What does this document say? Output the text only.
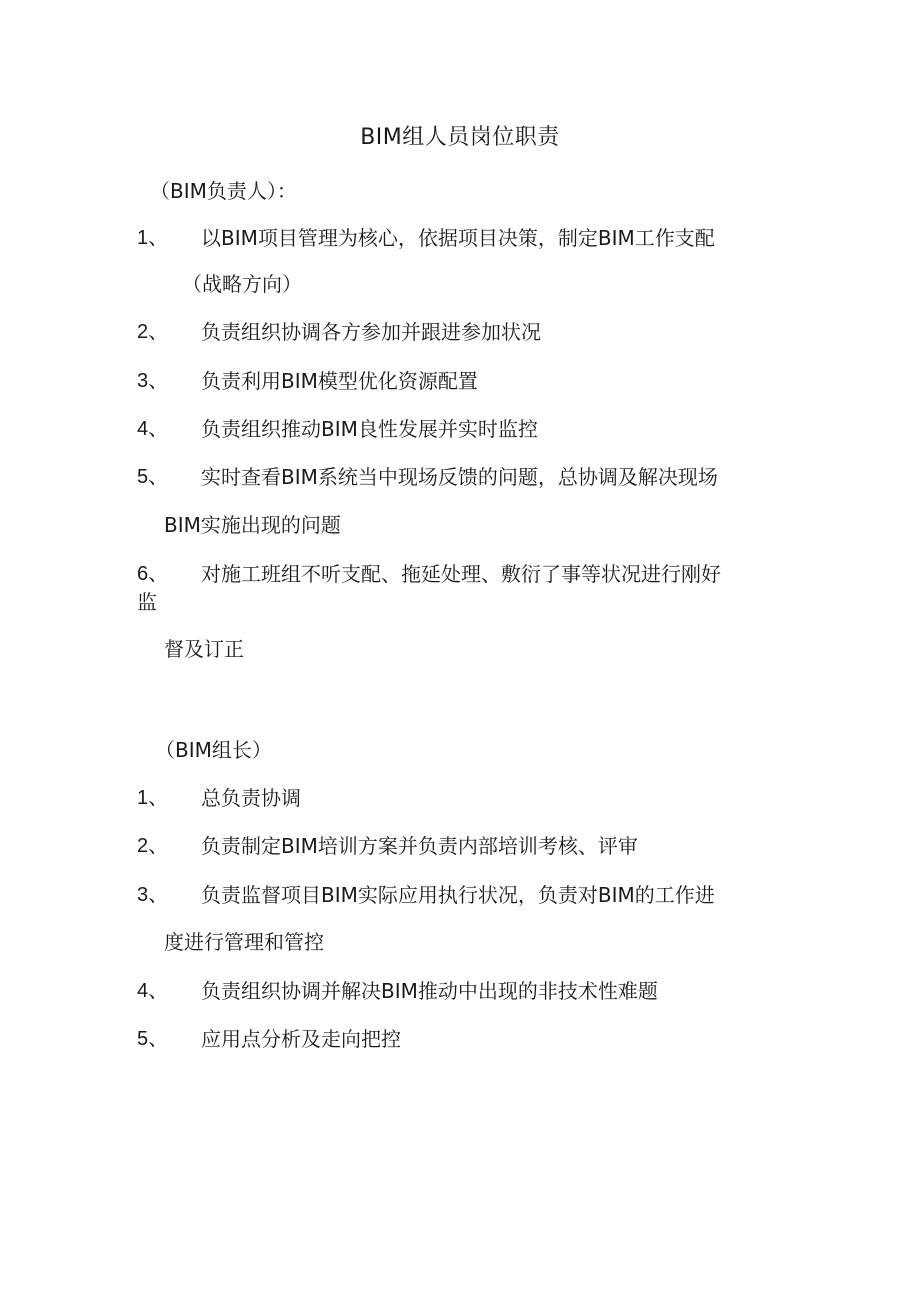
BIM组人员岗位职责
（BIM负责人）：
1、	以BIM项目管理为核心，依据项目决策，制定BIM工作支配
（战略方向）
2、	负责组织协调各方参加并跟进参加状况
3、	负责利用BIM模型优化资源配置
4、	负责组织推动BIM良性发展并实时监控
5、	实时查看BIM系统当中现场反馈的问题，总协调及解决现场
BIM实施出现的问题
6、	对施工班组不听支配、拖延处理、敷衍了事等状况进行刚好
监
督及订正
（BIM组长）
1、	总负责协调
2、	负责制定BIM培训方案并负责内部培训考核、评审
3、	负责监督项目BIM实际应用执行状况，负责对BIM的工作进
度进行管理和管控
4、	负责组织协调并解决BIM推动中出现的非技术性难题
5、	应用点分析及走向把控
